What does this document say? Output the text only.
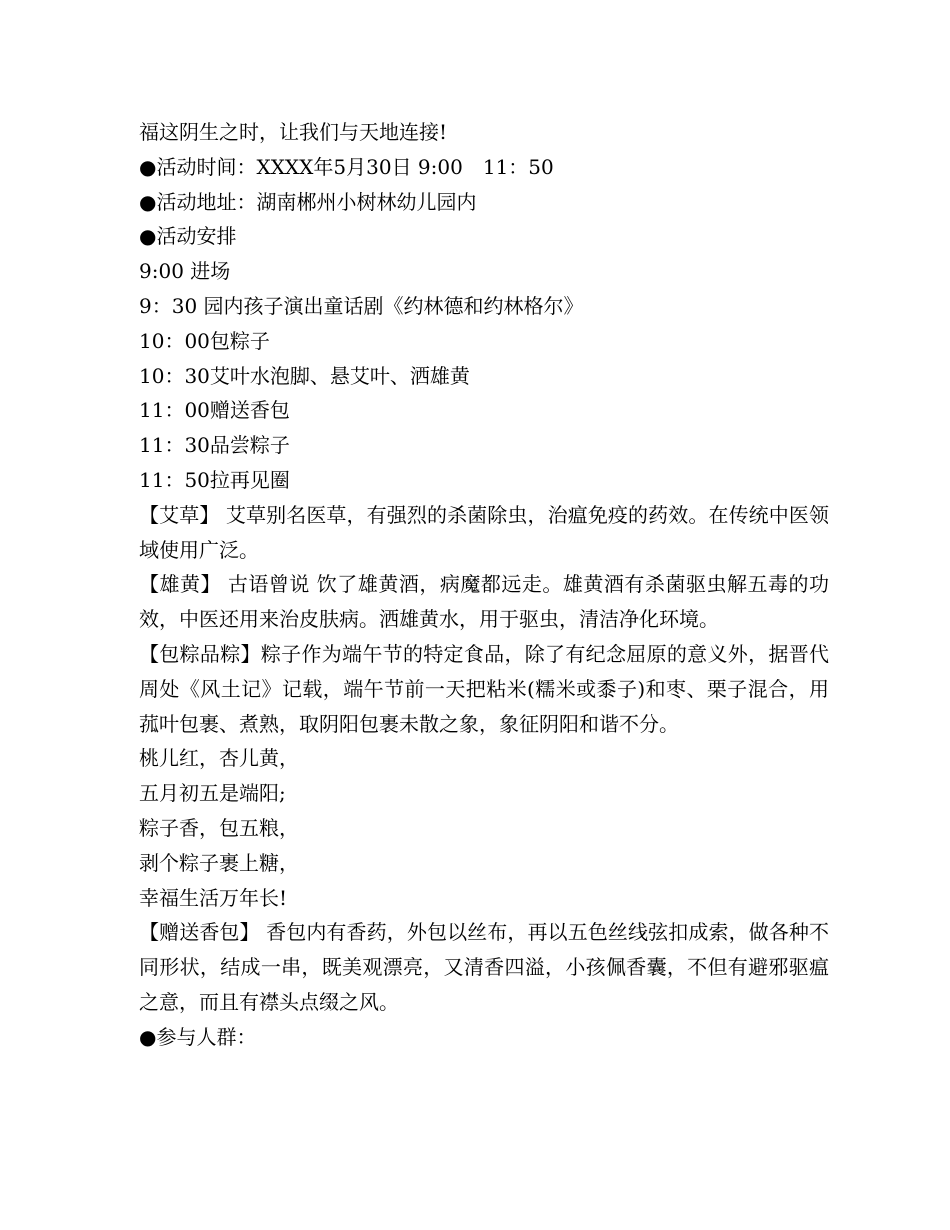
福这阴生之时，让我们与天地连接!
●活动时间：XXXX年5月30日 9:00　11：50
●活动地址：湖南郴州小树林幼儿园内
●活动安排
9:00 进场
9：30 园内孩子演出童话剧《约林德和约林格尔》
10：00包粽子
10：30艾叶水泡脚、悬艾叶、洒雄黄
11：00赠送香包
11：30品尝粽子
11：50拉再见圈
【艾草】 艾草别名医草，有强烈的杀菌除虫，治瘟免疫的药效。在传统中医领域使用广泛。
【雄黄】 古语曾说 饮了雄黄酒，病魔都远走。雄黄酒有杀菌驱虫解五毒的功效，中医还用来治皮肤病。洒雄黄水，用于驱虫，清洁净化环境。
【包粽品粽】粽子作为端午节的特定食品，除了有纪念屈原的意义外，据晋代周处《风土记》记载，端午节前一天把粘米(糯米或黍子)和枣、栗子混合，用菰叶包裹、煮熟，取阴阳包裹未散之象，象征阴阳和谐不分。
桃儿红，杏儿黄，
五月初五是端阳;
粽子香，包五粮，
剥个粽子裹上糖，
幸福生活万年长!
【赠送香包】 香包内有香药，外包以丝布，再以五色丝线弦扣成索，做各种不同形状，结成一串，既美观漂亮，又清香四溢，小孩佩香囊，不但有避邪驱瘟之意，而且有襟头点缀之风。
●参与人群：
